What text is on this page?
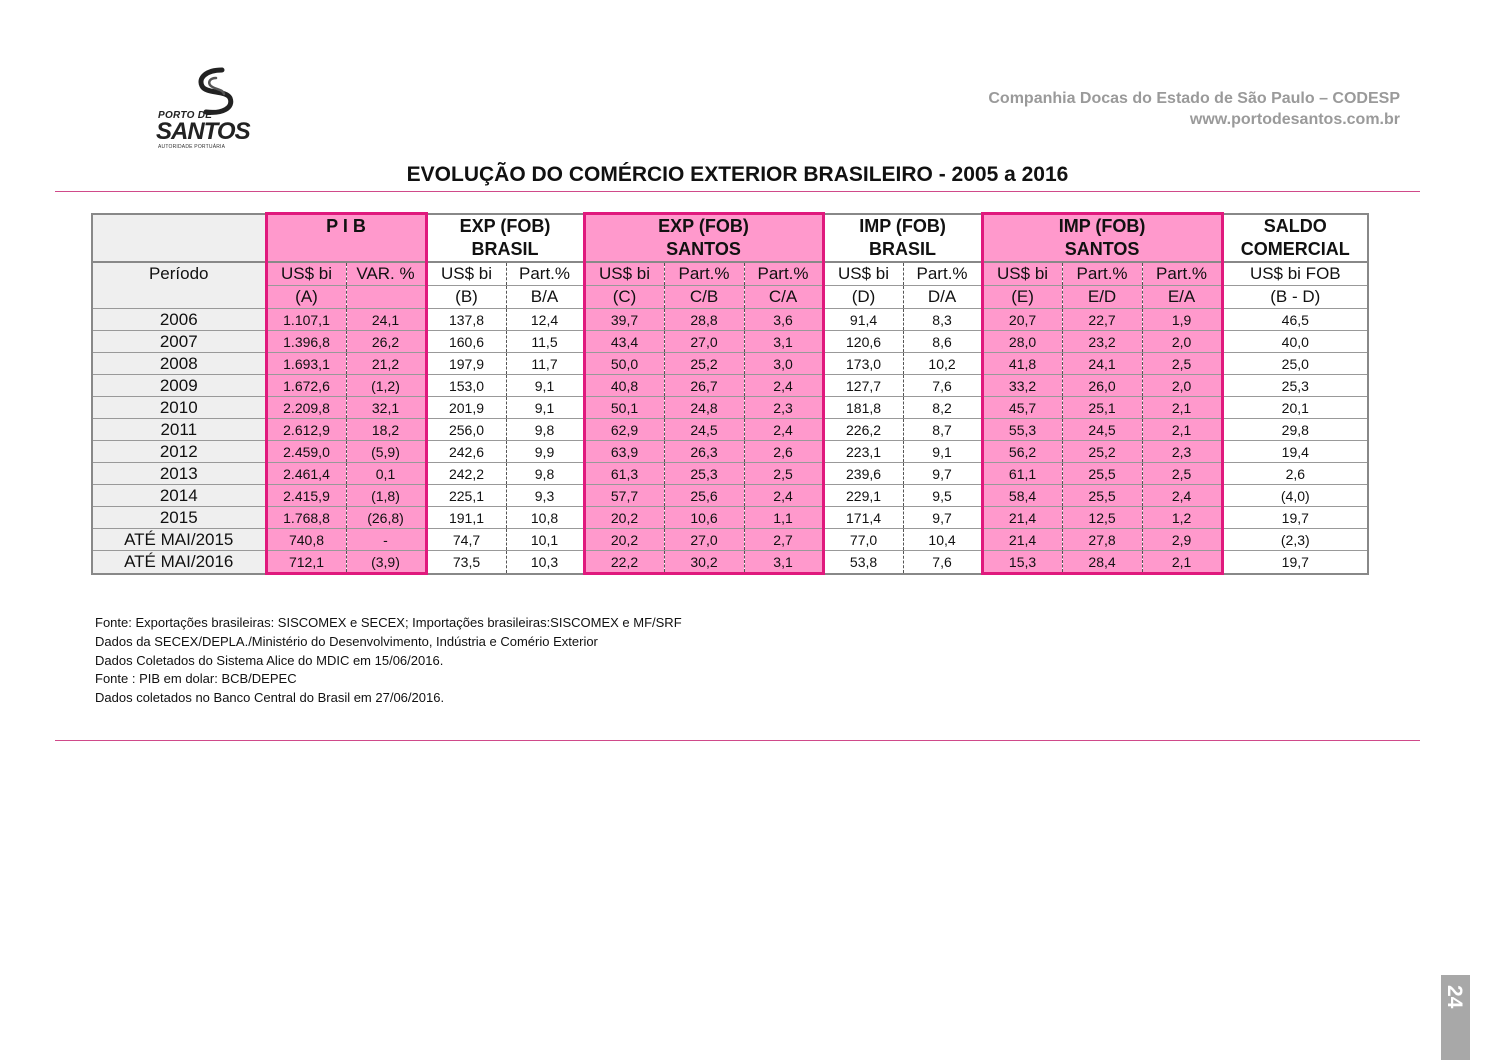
PORTO DE
SANTOS
AUTORIDADE PORTUÁRIA
Companhia Docas do Estado de São Paulo – CODESP
www.portodesantos.com.br
EVOLUÇÃO DO COMÉRCIO EXTERIOR BRASILEIRO - 2005 a 2016
	P I B		EXP (FOB)		EXP (FOB)			IMP (FOB)		IMP (FOB)			SALDO
			BRASIL		SANTOS			BRASIL		SANTOS			COMERCIAL
Período	US$ bi	VAR. %	US$ bi	Part.%	US$ bi	Part.%	Part.%	US$ bi	Part.%	US$ bi	Part.%	Part.%	US$ bi FOB
	(A)		(B)	B/A	(C)	C/B	C/A	(D)	D/A	(E)	E/D	E/A	(B - D)
2006	1.107,1	24,1	137,8	12,4	39,7	28,8	3,6	91,4	8,3	20,7	22,7	1,9	46,5
2007	1.396,8	26,2	160,6	11,5	43,4	27,0	3,1	120,6	8,6	28,0	23,2	2,0	40,0
2008	1.693,1	21,2	197,9	11,7	50,0	25,2	3,0	173,0	10,2	41,8	24,1	2,5	25,0
2009	1.672,6	(1,2)	153,0	9,1	40,8	26,7	2,4	127,7	7,6	33,2	26,0	2,0	25,3
2010	2.209,8	32,1	201,9	9,1	50,1	24,8	2,3	181,8	8,2	45,7	25,1	2,1	20,1
2011	2.612,9	18,2	256,0	9,8	62,9	24,5	2,4	226,2	8,7	55,3	24,5	2,1	29,8
2012	2.459,0	(5,9)	242,6	9,9	63,9	26,3	2,6	223,1	9,1	56,2	25,2	2,3	19,4
2013	2.461,4	0,1	242,2	9,8	61,3	25,3	2,5	239,6	9,7	61,1	25,5	2,5	2,6
2014	2.415,9	(1,8)	225,1	9,3	57,7	25,6	2,4	229,1	9,5	58,4	25,5	2,4	(4,0)
2015	1.768,8	(26,8)	191,1	10,8	20,2	10,6	1,1	171,4	9,7	21,4	12,5	1,2	19,7
ATÉ MAI/2015	740,8	-	74,7	10,1	20,2	27,0	2,7	77,0	10,4	21,4	27,8	2,9	(2,3)
ATÉ MAI/2016	712,1	(3,9)	73,5	10,3	22,2	30,2	3,1	53,8	7,6	15,3	28,4	2,1	19,7
Fonte: Exportações brasileiras: SISCOMEX e SECEX; Importações brasileiras:SISCOMEX e MF/SRF
Dados da SECEX/DEPLA./Ministério do Desenvolvimento, Indústria e Comério Exterior
Dados Coletados do Sistema Alice do MDIC em 15/06/2016.
Fonte : PIB em dolar: BCB/DEPEC
Dados coletados no Banco Central do Brasil em 27/06/2016.
24
